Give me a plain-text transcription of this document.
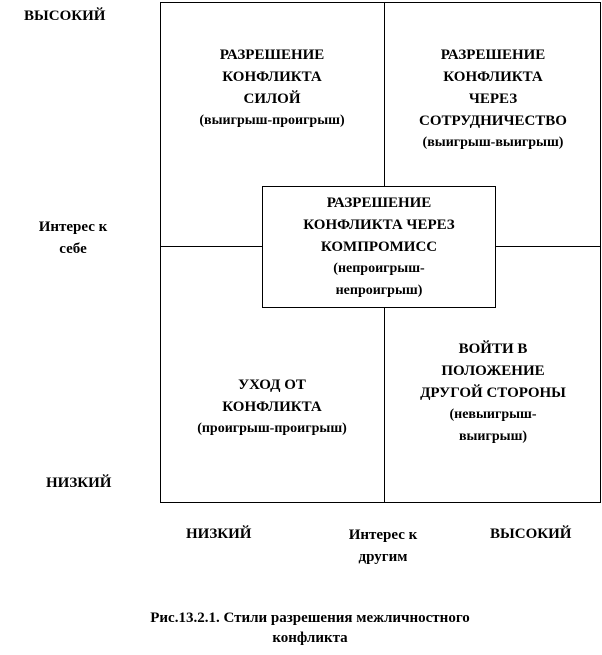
ВЫСОКИЙ
Интерес к
себе
НИЗКИЙ
РАЗРЕШЕНИЕ
КОНФЛИКТА
СИЛОЙ
(выигрыш-проигрыш)
РАЗРЕШЕНИЕ
КОНФЛИКТА
ЧЕРЕЗ
СОТРУДНИЧЕСТВО
(выигрыш-выигрыш)
РАЗРЕШЕНИЕ
КОНФЛИКТА ЧЕРЕЗ
КОМПРОМИСС
(непроигрыш-
непроигрыш)
УХОД ОТ
КОНФЛИКТА
(проигрыш-проигрыш)
ВОЙТИ В
ПОЛОЖЕНИЕ
ДРУГОЙ СТОРОНЫ
(невыигрыш-
выигрыш)
НИЗКИЙ	Интерес к
другим
ВЫСОКИЙ
Рис.13.2.1. Стили разрешения межличностного
конфликта
